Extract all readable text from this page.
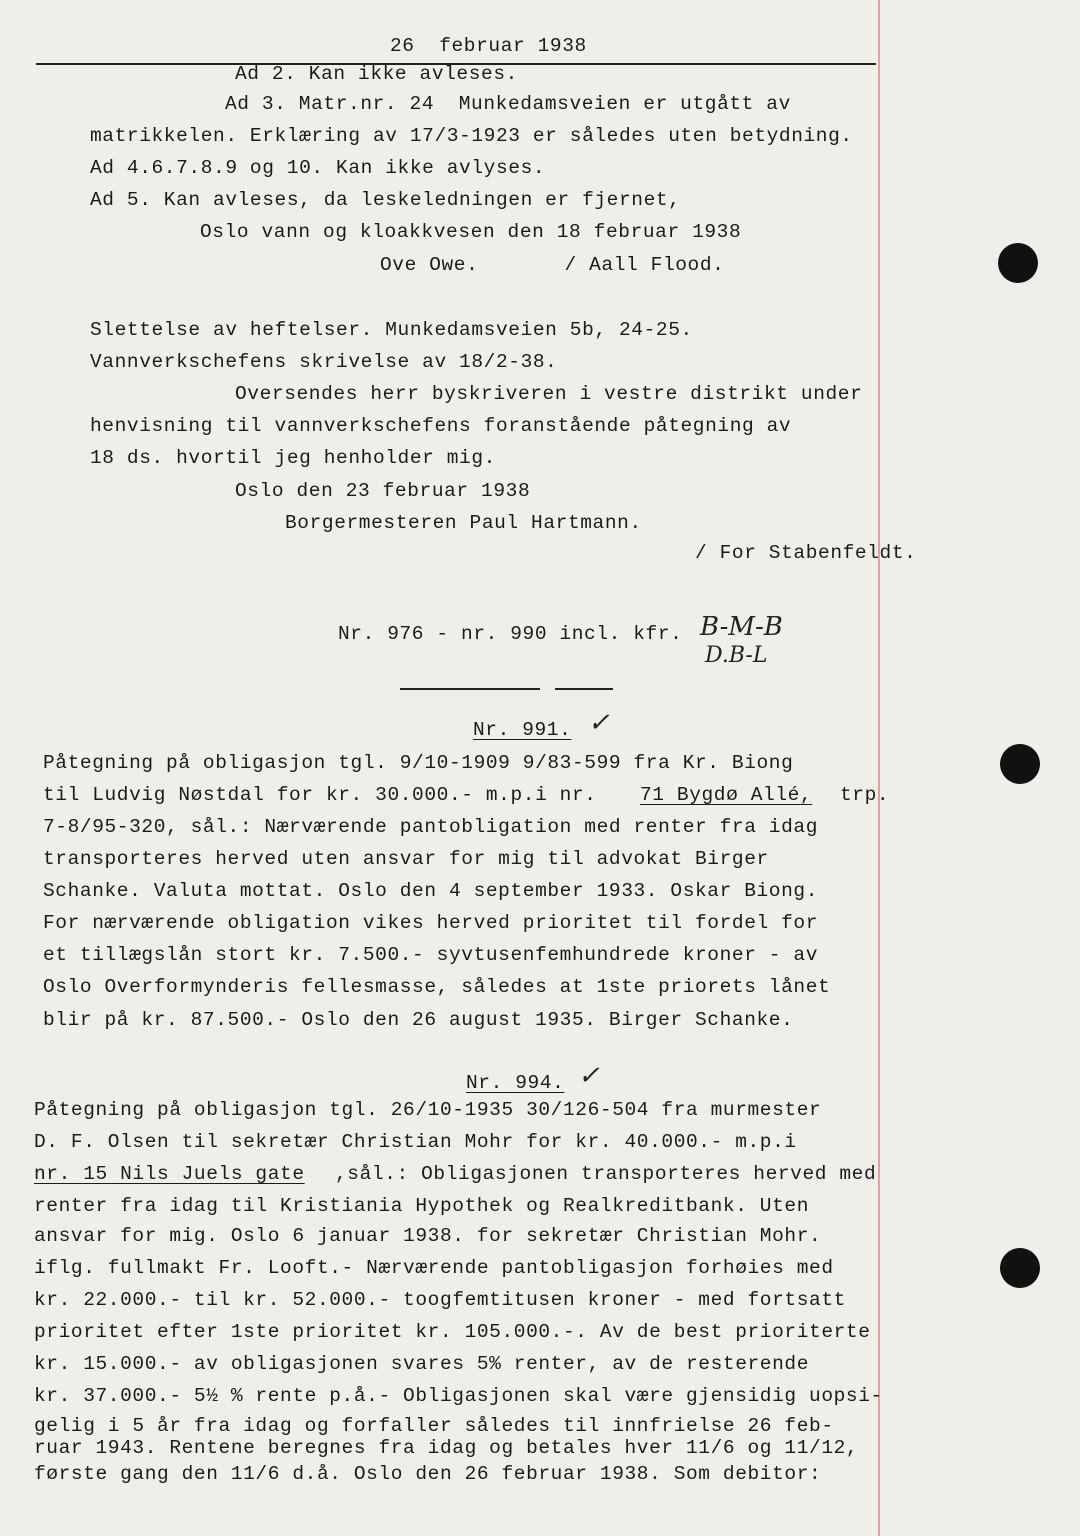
26  februar 1938
Ad 2. Kan ikke avleses.
Ad 3. Matr.nr. 24  Munkedamsveien er utgått av
matrikkelen. Erklæring av 17/3-1923 er således uten betydning.
Ad 4.6.7.8.9 og 10. Kan ikke avlyses.
Ad 5. Kan avleses, da leskeledningen er fjernet,
Oslo vann og kloakkvesen den 18 februar 1938
Ove Owe.       / Aall Flood.
Slettelse av heftelser. Munkedamsveien 5b, 24-25.
Vannverkschefens skrivelse av 18/2-38.
Oversendes herr byskriveren i vestre distrikt under
henvisning til vannverkschefens foranstående påtegning av
18 ds. hvortil jeg henholder mig.
Oslo den 23 februar 1938
Borgermesteren Paul Hartmann.
/ For Stabenfeldt.
Nr. 976 - nr. 990 incl. kfr. B-M-B
D.B-L
Nr. 991. ✓
Påtegning på obligasjon tgl. 9/10-1909 9/83-599 fra Kr. Biong
til Ludvig Nøstdal for kr. 30.000.- m.p.i nr. 71 Bygdø Allé, trp.
7-8/95-320, sål.: Nærværende pantobligation med renter fra idag
transporteres herved uten ansvar for mig til advokat Birger
Schanke. Valuta mottat. Oslo den 4 september 1933. Oskar Biong.
For nærværende obligation vikes herved prioritet til fordel for
et tillægslån stort kr. 7.500.- syvtusenfemhundrede kroner - av
Oslo Overformynderis fellesmasse, således at 1ste priorets lånet
blir på kr. 87.500.- Oslo den 26 august 1935. Birger Schanke.
Nr. 994. ✓
Påtegning på obligasjon tgl. 26/10-1935 30/126-504 fra murmester
D. F. Olsen til sekretær Christian Mohr for kr. 40.000.- m.p.i
nr. 15 Nils Juels gate ,sål.: Obligasjonen transporteres herved med
renter fra idag til Kristiania Hypothek og Realkreditbank. Uten
ansvar for mig. Oslo 6 januar 1938. for sekretær Christian Mohr.
iflg. fullmakt Fr. Looft.- Nærværende pantobligasjon forhøies med
kr. 22.000.- til kr. 52.000.- toogfemtitusen kroner - med fortsatt
prioritet efter 1ste prioritet kr. 105.000.-. Av de best prioriterte
kr. 15.000.- av obligasjonen svares 5% renter, av de resterende
kr. 37.000.- 5½ % rente p.å.- Obligasjonen skal være gjensidig uopsi-
gelig i 5 år fra idag og forfaller således til innfrielse 26 feb-
ruar 1943. Rentene beregnes fra idag og betales hver 11/6 og 11/12,
første gang den 11/6 d.å. Oslo den 26 februar 1938. Som debitor:
